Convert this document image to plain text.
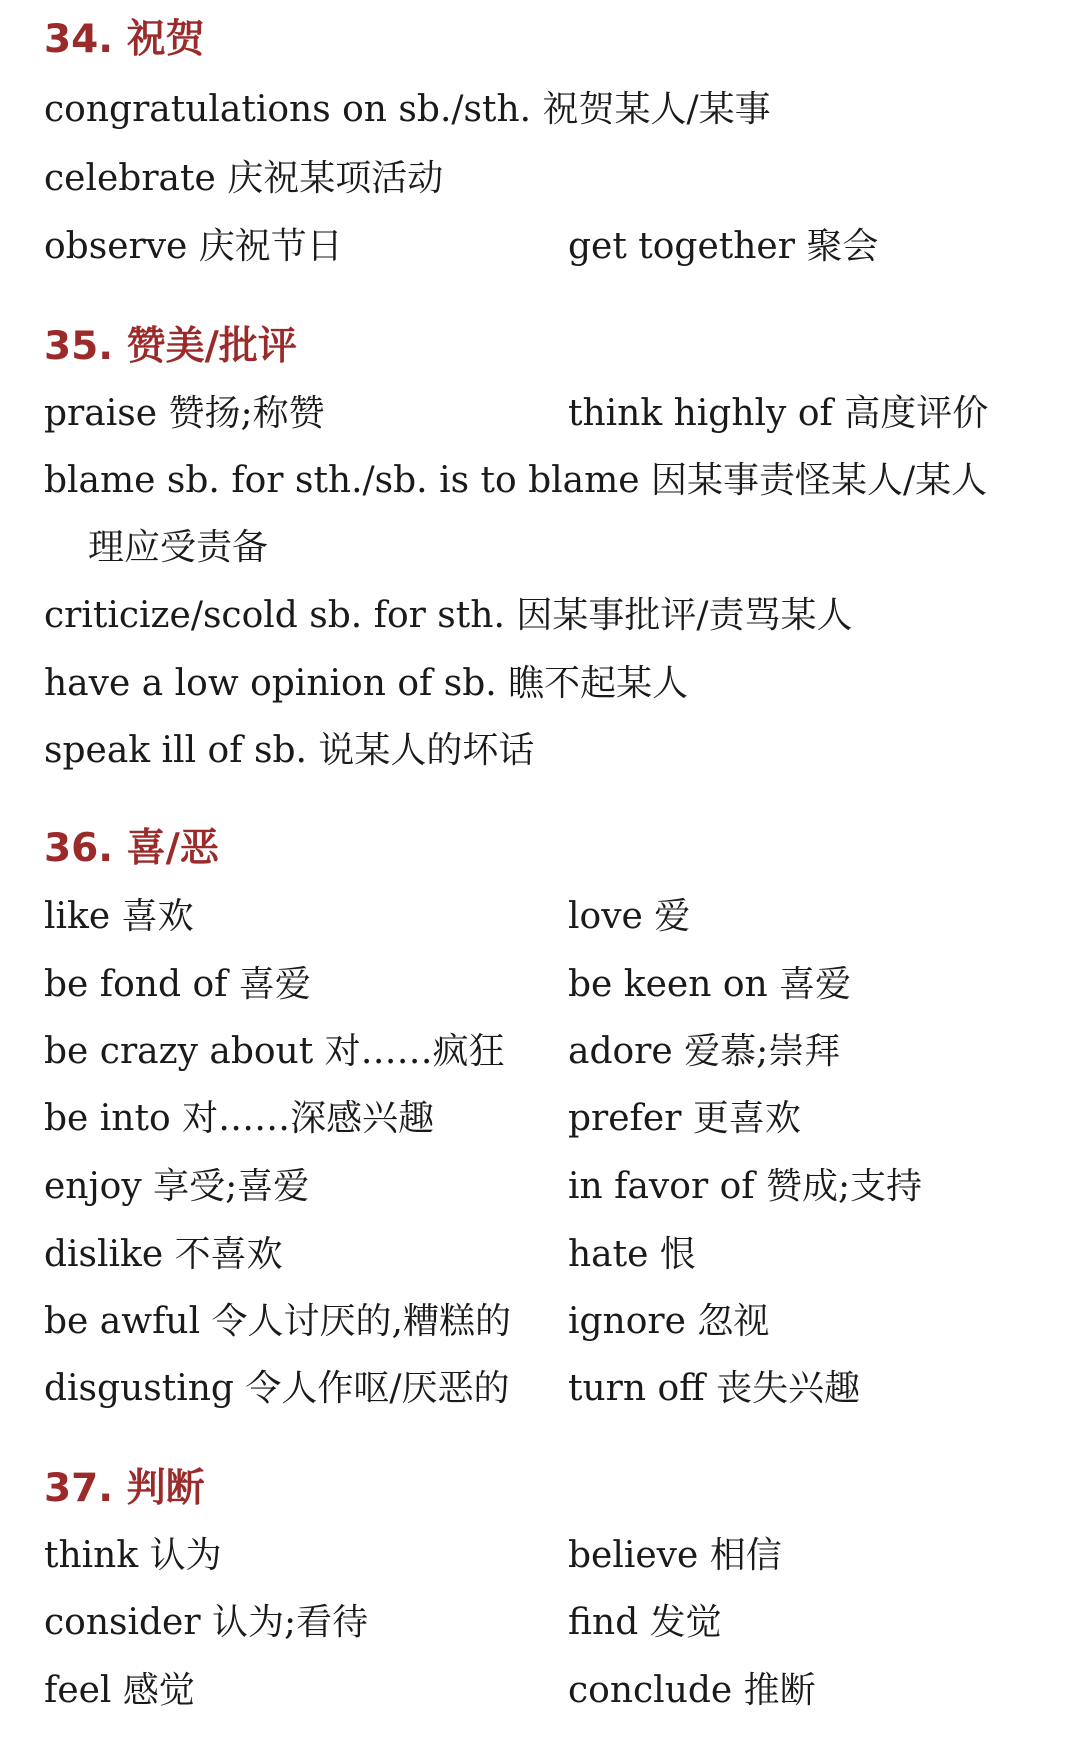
34. 祝贺

congratulations on sb./sth. 祝贺某人/某事

celebrate 庆祝某项活动

observe 庆祝节日	get together 聚会

35. 赞美/批评

praise 赞扬;称赞	think highly of 高度评价

blame sb. for sth./sb. is to blame 因某事责怪某人/某人

理应受责备

criticize/scold sb. for sth. 因某事批评/责骂某人

have a low opinion of sb. 瞧不起某人

speak ill of sb. 说某人的坏话

36. 喜/恶

like 喜欢	love 爱

be fond of 喜爱	be keen on 喜爱

be crazy about 对……疯狂 adore 爱慕;崇拜

be into 对……深感兴趣	prefer 更喜欢

enjoy 享受;喜爱	in favor of 赞成;支持

dislike 不喜欢	hate 恨

be awful 令人讨厌的,糟糕的 ignore 忽视

disgusting 令人作呕/厌恶的 turn off 丧失兴趣

37. 判断

think 认为	believe 相信

consider 认为;看待	find 发觉

feel 感觉	conclude 推断
